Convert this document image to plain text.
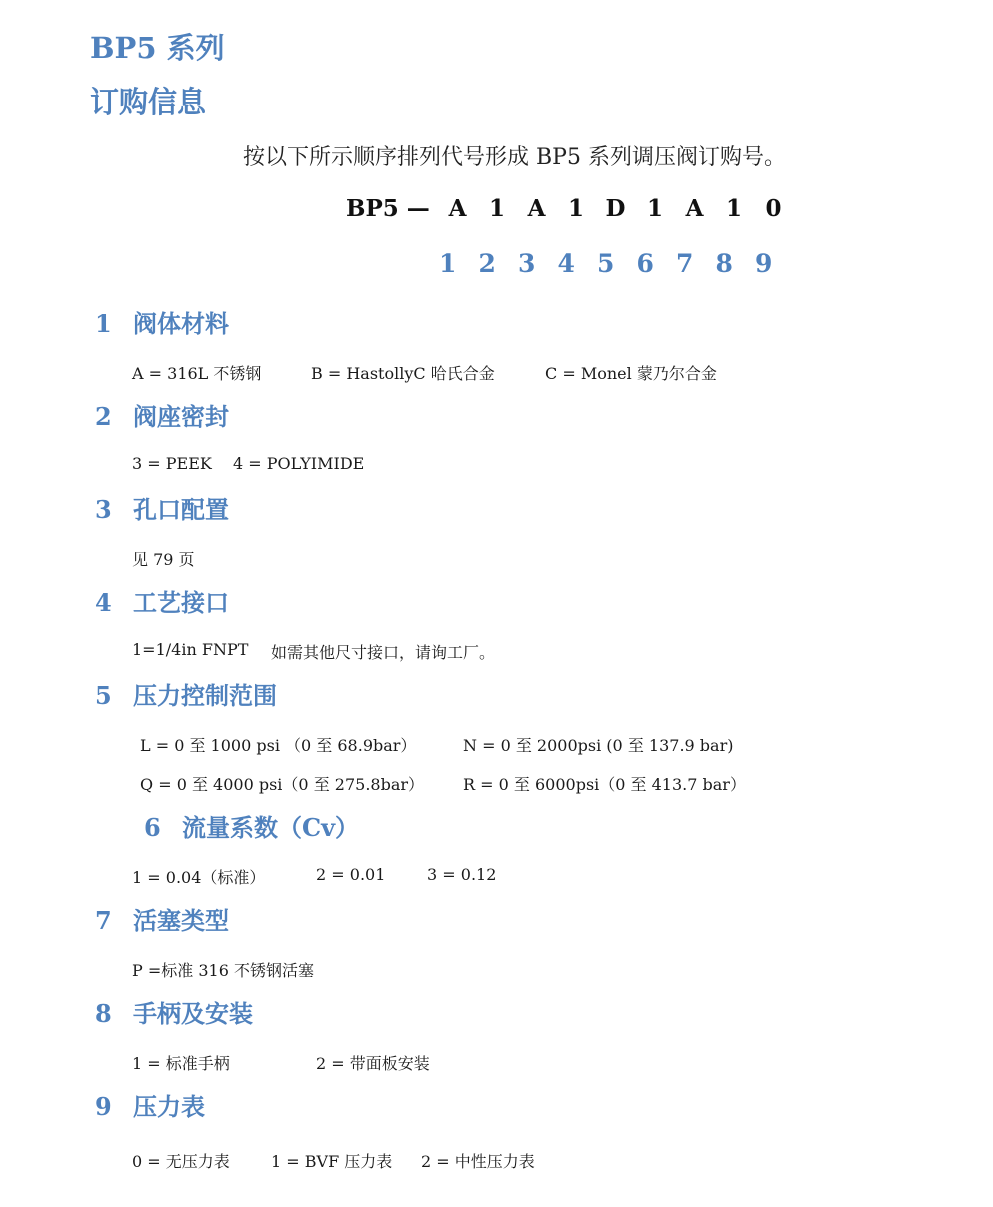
BP5 系列
订购信息
按以下所示顺序排列代号形成 BP5 系列调压阀订购号。
BP5 — A 1 A 1 D 1 A 1 0
1 2 3 4 5 6 7 8 9
1 阀体材料
A = 316L 不锈钢	B = HastollyC 哈氏合金	C = Monel 蒙乃尔合金
2 阀座密封
3 = PEEK 4 = POLYIMIDE
3 孔口配置
见 79 页
4 工艺接口
1=1/4in FNPT 如需其他尺寸接口，请询工厂。
5 压力控制范围
L = 0 至 1000 psi （0 至 68.9bar）	N = 0 至 2000psi (0 至 137.9 bar)
Q = 0 至 4000 psi（0 至 275.8bar） R = 0 至 6000psi（0 至 413.7 bar）
6 流量系数（Cv）
1 = 0.04（标准）	2 = 0.01	3 = 0.12
7 活塞类型
P =标准 316 不锈钢活塞
8 手柄及安装
1 = 标准手柄	2 = 带面板安装
9 压力表
0 = 无压力表	1 = BVF 压力表 2 = 中性压力表
